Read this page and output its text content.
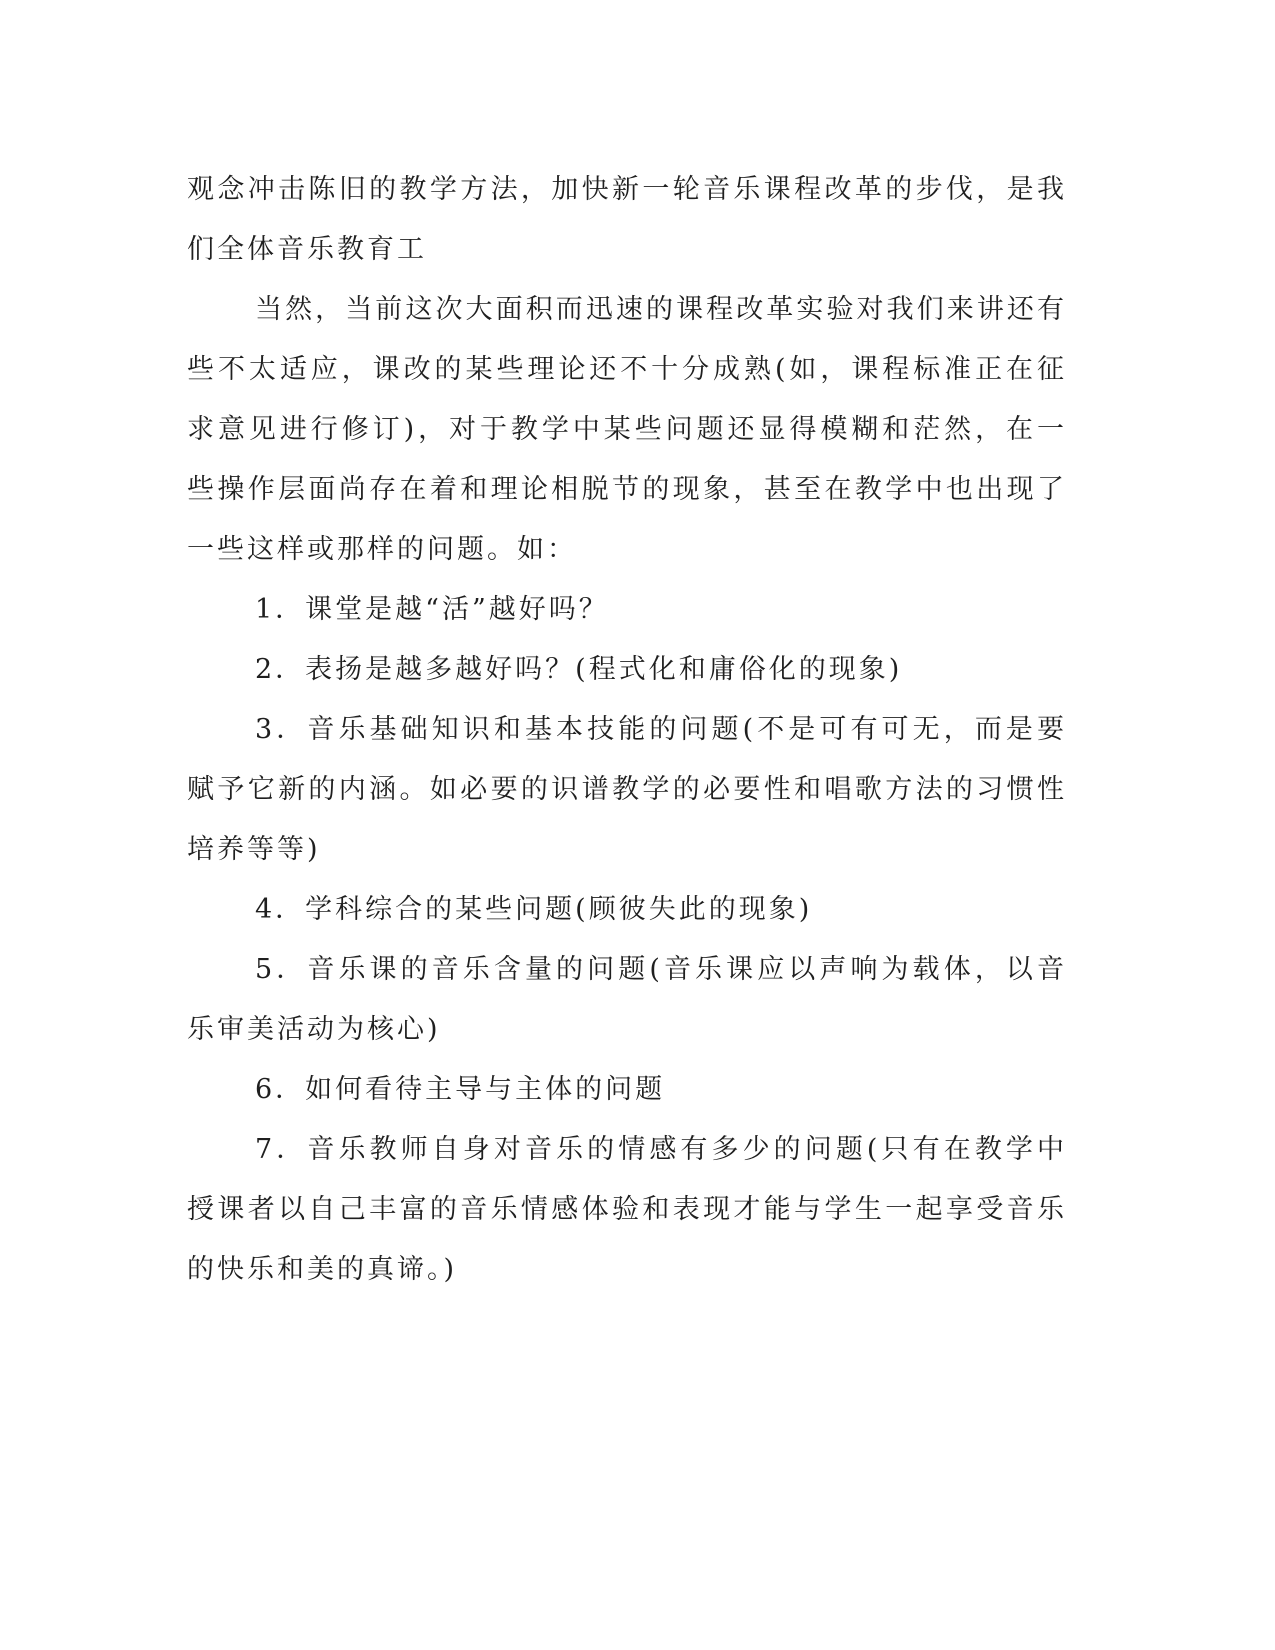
观念冲击陈旧的教学方法，加快新一轮音乐课程改革的步伐，是我们全体音乐教育工

当然，当前这次大面积而迅速的课程改革实验对我们来讲还有些不太适应，课改的某些理论还不十分成熟(如，课程标准正在征求意见进行修订)，对于教学中某些问题还显得模糊和茫然，在一些操作层面尚存在着和理论相脱节的现象，甚至在教学中也出现了一些这样或那样的问题。如：

1．课堂是越“活”越好吗？

2．表扬是越多越好吗？(程式化和庸俗化的现象)

3．音乐基础知识和基本技能的问题(不是可有可无，而是要赋予它新的内涵。如必要的识谱教学的必要性和唱歌方法的习惯性培养等等)

4．学科综合的某些问题(顾彼失此的现象)

5．音乐课的音乐含量的问题(音乐课应以声响为载体，以音乐审美活动为核心)

6．如何看待主导与主体的问题

7．音乐教师自身对音乐的情感有多少的问题(只有在教学中授课者以自己丰富的音乐情感体验和表现才能与学生一起享受音乐的快乐和美的真谛。)
